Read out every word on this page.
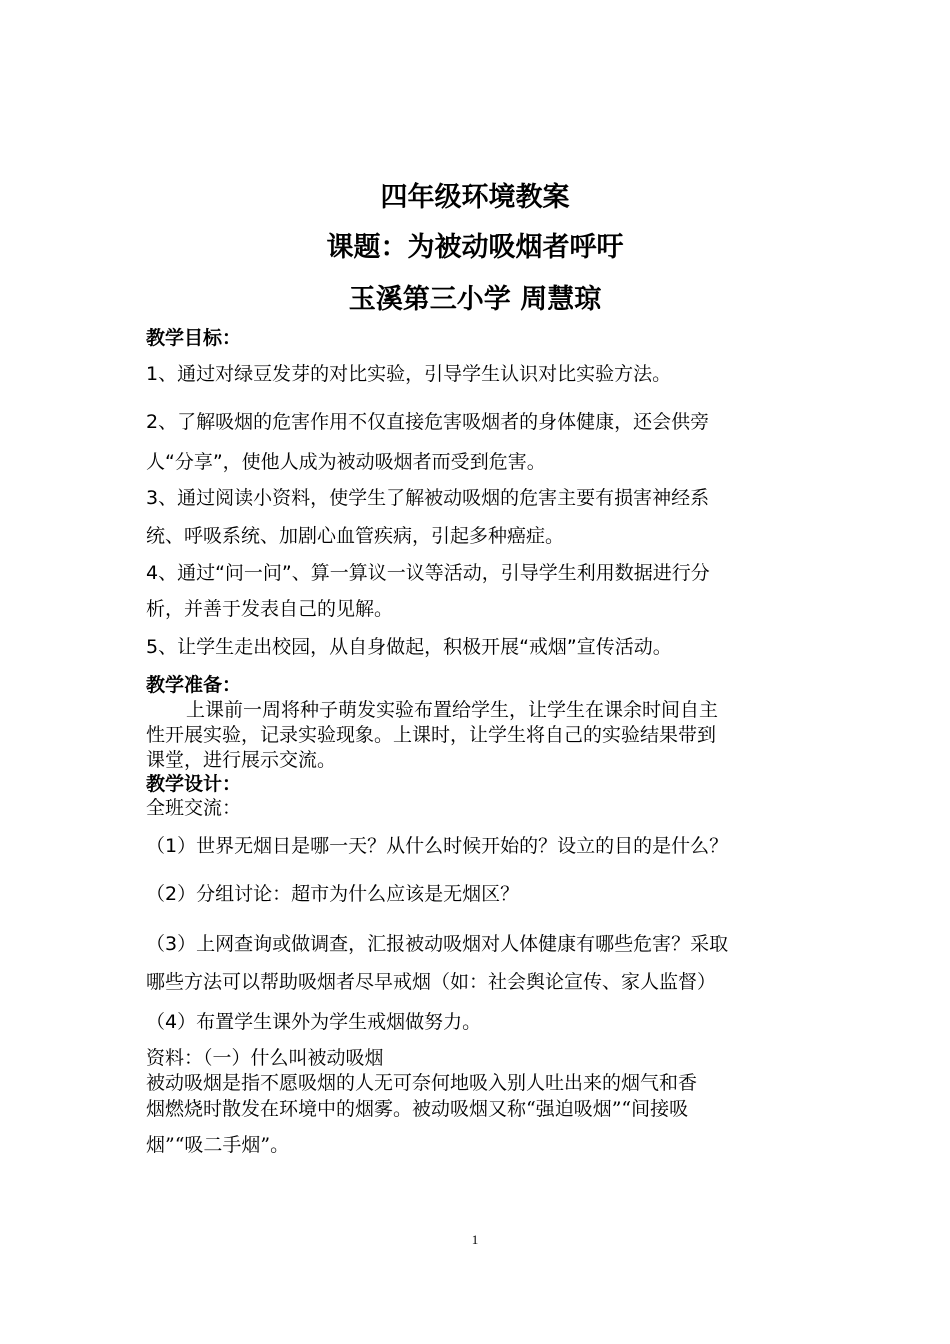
四年级环境教案
课题：为被动吸烟者呼吁
玉溪第三小学 周慧琼
教学目标：
1、通过对绿豆发芽的对比实验，引导学生认识对比实验方法。
2、了解吸烟的危害作用不仅直接危害吸烟者的身体健康，还会供旁
人“分享”，使他人成为被动吸烟者而受到危害。
3、通过阅读小资料，使学生了解被动吸烟的危害主要有损害神经系
统、呼吸系统、加剧心血管疾病，引起多种癌症。
4、通过“问一问”、算一算议一议等活动，引导学生利用数据进行分
析，并善于发表自己的见解。
5、让学生走出校园，从自身做起，积极开展“戒烟”宣传活动。
教学准备：
上课前一周将种子萌发实验布置给学生，让学生在课余时间自主
性开展实验，记录实验现象。上课时，让学生将自己的实验结果带到
课堂，进行展示交流。
教学设计：
全班交流：
（1）世界无烟日是哪一天？从什么时候开始的？设立的目的是什么？
（2）分组讨论：超市为什么应该是无烟区？
（3）上网查询或做调查，汇报被动吸烟对人体健康有哪些危害？采取
哪些方法可以帮助吸烟者尽早戒烟（如：社会舆论宣传、家人监督）
（4）布置学生课外为学生戒烟做努力。
资料：（一）什么叫被动吸烟
被动吸烟是指不愿吸烟的人无可奈何地吸入别人吐出来的烟气和香
烟燃烧时散发在环境中的烟雾。被动吸烟又称“强迫吸烟”“间接吸
烟”“吸二手烟”。
1
